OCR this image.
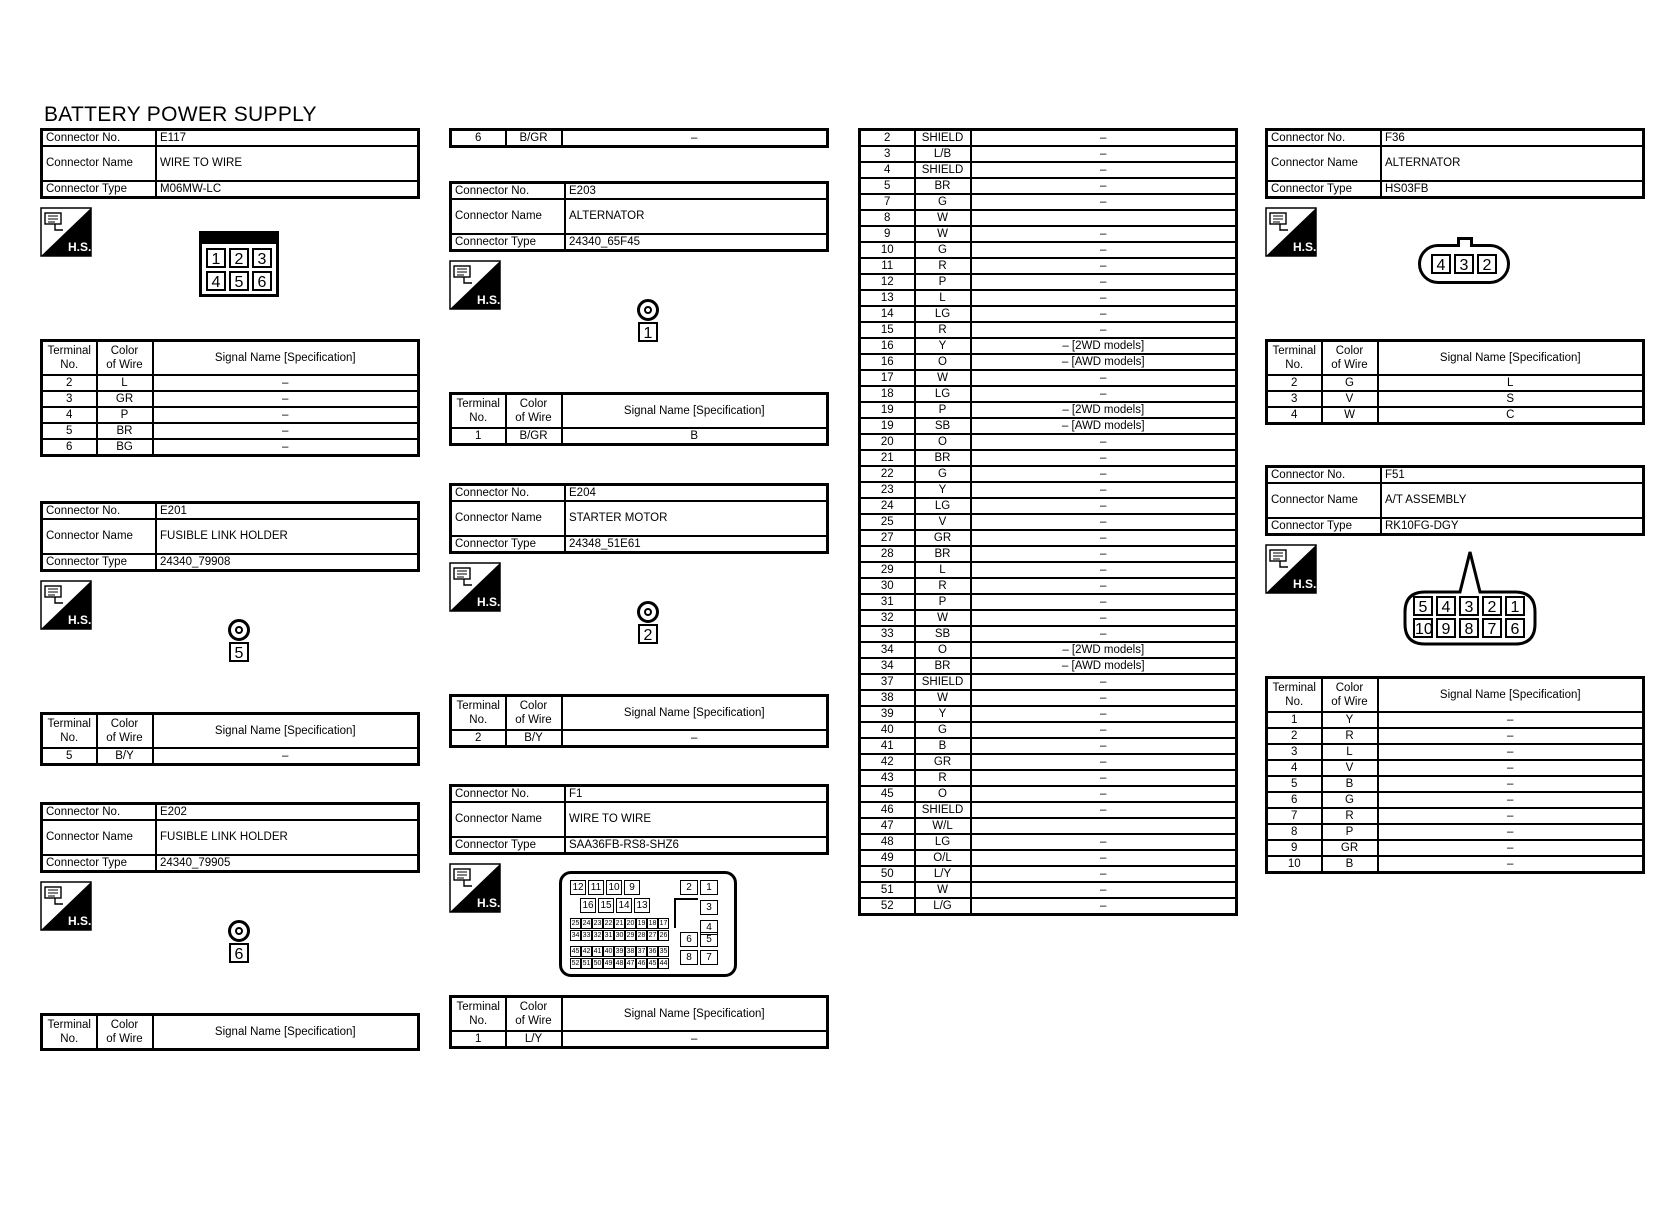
BATTERY POWER SUPPLY
Connector No.	E117
Connector Name	WIRE TO WIRE
Connector Type	M06MW-LC
H.S.
1 2 3
4 5 6
Terminal
No.	Color
of Wire	Signal Name [Specification]
2	L	–
3	GR	–
4	P	–
5	BR	–
6	BG	–
Connector No.	E201
Connector Name	FUSIBLE LINK HOLDER
Connector Type	24340_79908
H.S.
5
Terminal
No.	Color
of Wire	Signal Name [Specification]
5	B/Y	–
Connector No.	E202
Connector Name	FUSIBLE LINK HOLDER
Connector Type	24340_79905
H.S.
6
Terminal
No.	Color
of Wire	Signal Name [Specification]
6	B/GR	–
Connector No.	E203
Connector Name	ALTERNATOR
Connector Type	24340_65F45
H.S.
1
Terminal
No.	Color
of Wire	Signal Name [Specification]
1	B/GR	B
Connector No.	E204
Connector Name	STARTER MOTOR
Connector Type	24348_51E61
H.S.
2
Terminal
No.	Color
of Wire	Signal Name [Specification]
2	B/Y	–
Connector No.	F1
Connector Name	WIRE TO WIRE
Connector Type	SAA36FB-RS8-SHZ6
H.S.
12 11 10 9
16 15 14 13
25 24 23 22 21 20 19 18 17
34 33 32 31 30 29 28 27 26
45 42 41 40 39 38 37 36 35
52 51 50 49 48 47 46 45 44
2	1
3
4
6	5
8	7
Terminal
No.	Color
of Wire	Signal Name [Specification]
1	L/Y	–
2	SHIELD	–
3	L/B	–
4	SHIELD	–
5	BR	–
7	G	–
8	W	
9	W	–
10	G	–
11	R	–
12	P	–
13	L	–
14	LG	–
15	R	–
16	Y	– [2WD models]
16	O	– [AWD models]
17	W	–
18	LG	–
19	P	– [2WD models]
19	SB	– [AWD models]
20	O	–
21	BR	–
22	G	–
23	Y	–
24	LG	–
25	V	–
27	GR	–
28	BR	–
29	L	–
30	R	–
31	P	–
32	W	–
33	SB	–
34	O	– [2WD models]
34	BR	– [AWD models]
37	SHIELD	–
38	W	–
39	Y	–
40	G	–
41	B	–
42	GR	–
43	R	–
45	O	–
46	SHIELD	–
47	W/L	
48	LG	–
49	O/L	–
50	L/Y	–
51	W	–
52	L/G	–
Connector No.	F36
Connector Name	ALTERNATOR
Connector Type	HS03FB
H.S.
4 3 2
Terminal
No.	Color
of Wire	Signal Name [Specification]
2	G	L
3	V	S
4	W	C
Connector No.	F51
Connector Name	A/T ASSEMBLY
Connector Type	RK10FG-DGY
H.S.
5 4 3 2 1
10 9 8 7 6
Terminal
No.	Color
of Wire	Signal Name [Specification]
1	Y	–
2	R	–
3	L	–
4	V	–
5	B	–
6	G	–
7	R	–
8	P	–
9	GR	–
10	B	–
